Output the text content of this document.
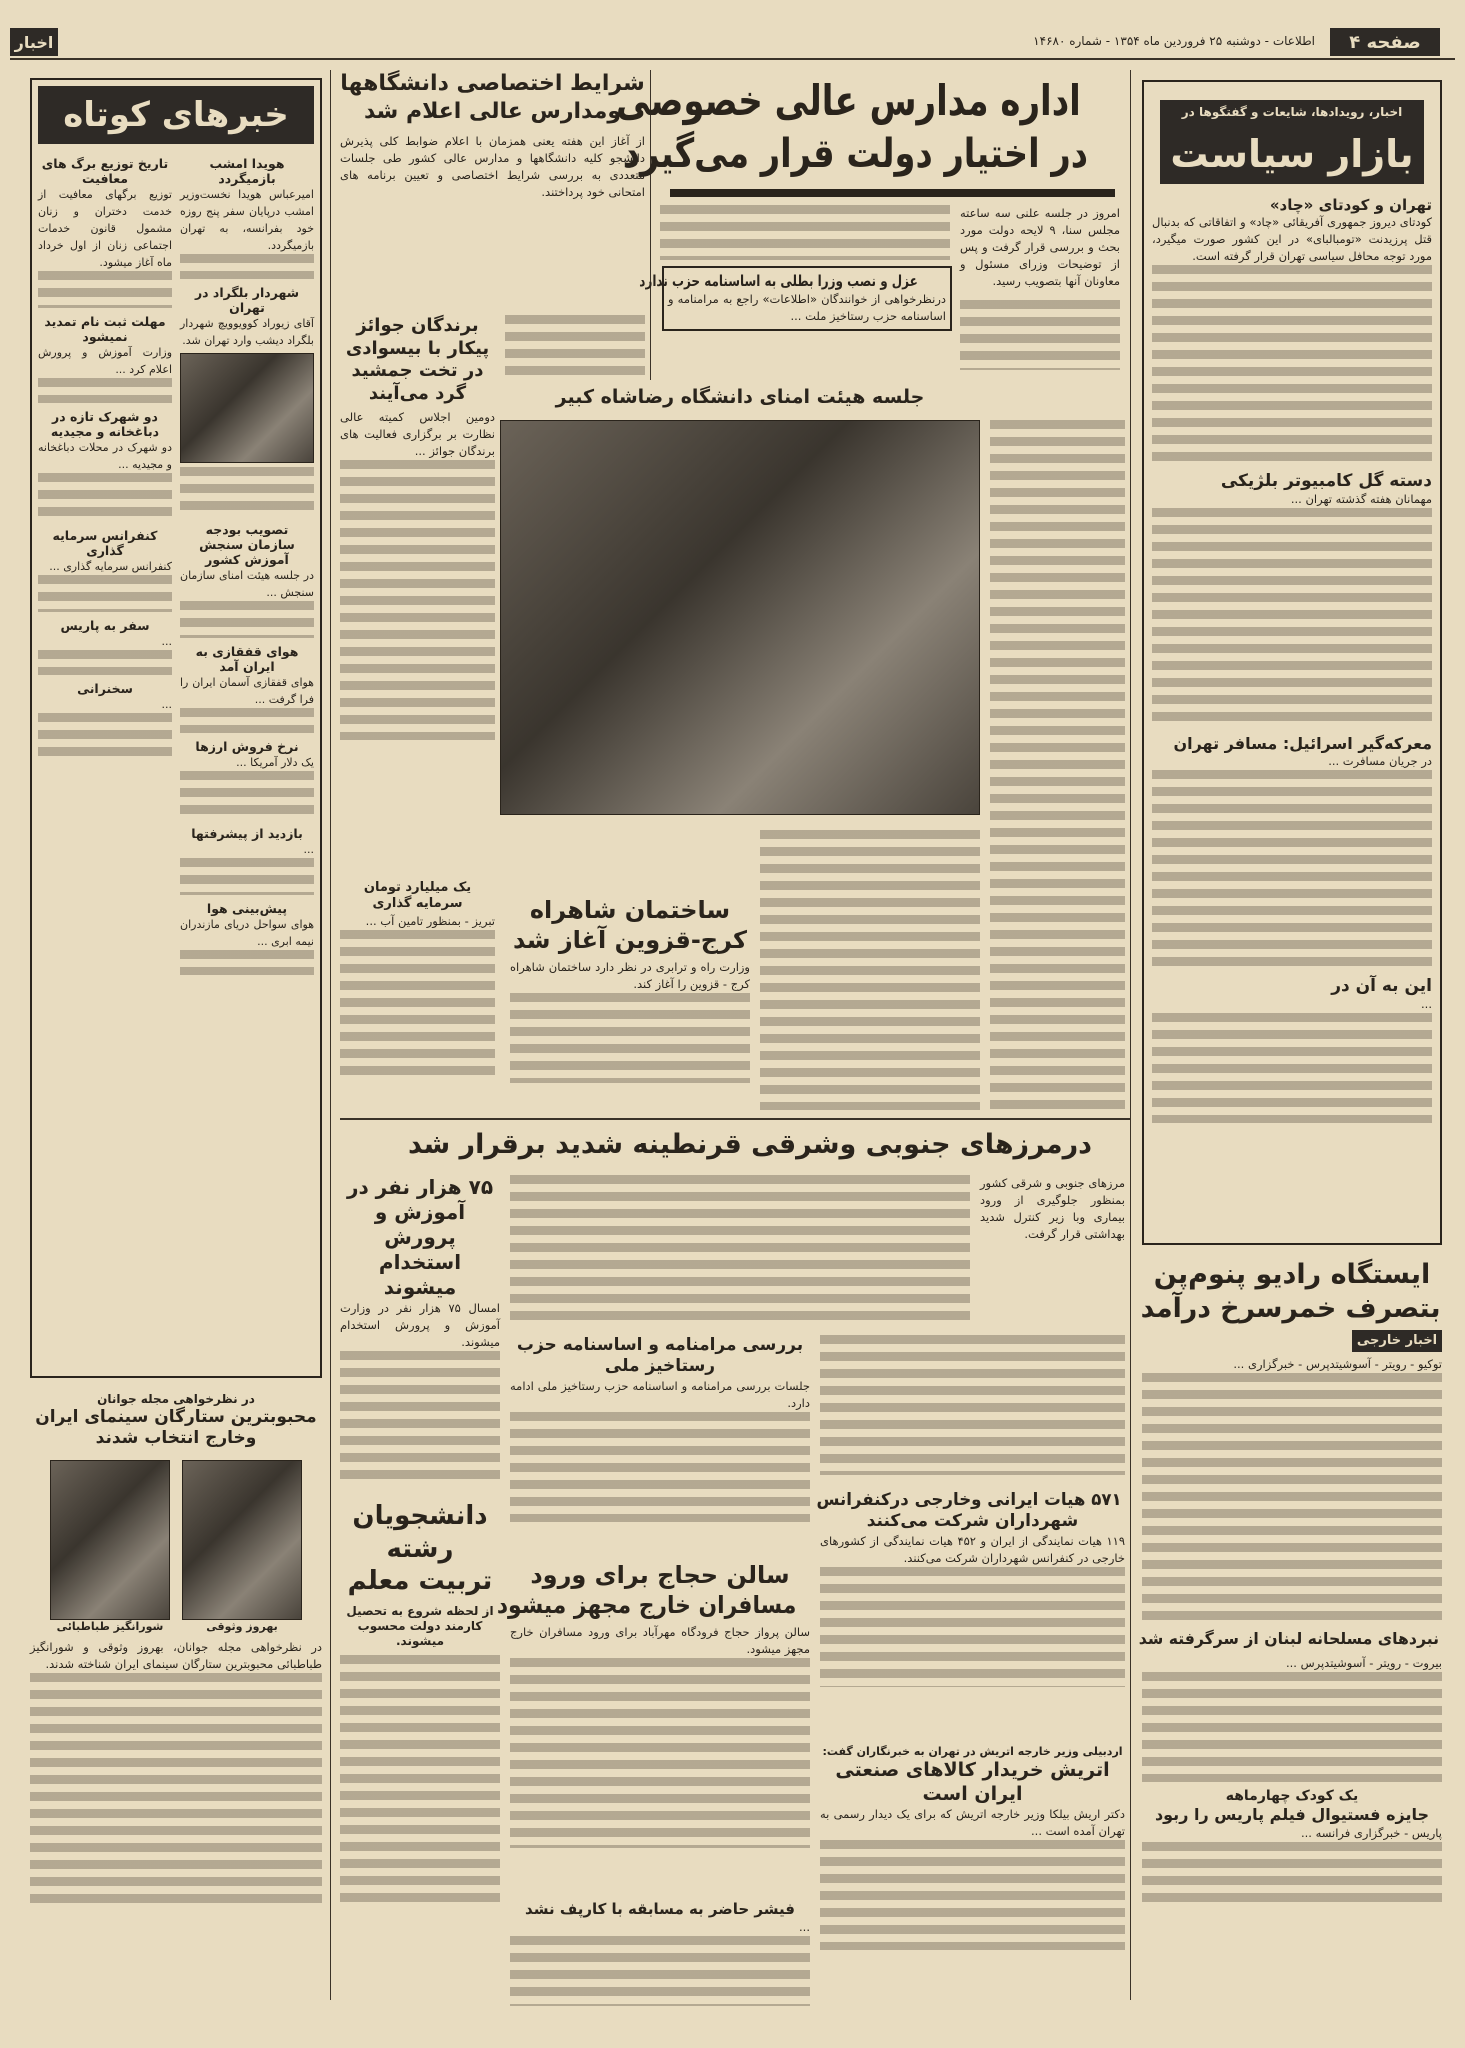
صفحه ۴
اطلاعات - دوشنبه ۲۵ فروردین ماه ۱۳۵۴ - شماره ۱۴۶۸۰
اخبار
اخبار، رویدادها، شایعات و گفتگوها در
بازار سیاست
تهران و کودتای «چاد»
کودتای دیروز جمهوری آفریقائی «چاد» و اتفاقاتی که بدنبال قتل پرزیدنت «تومبالبای» در این کشور صورت میگیرد، مورد توجه محافل سیاسی تهران قرار گرفته است.
دسته گل کامبیوتر بلژیکی
مهمانان هفته گذشته تهران ...
معرکه‌گیر اسرائیل: مسافر تهران
در جریان مسافرت ...
این به آن در
...
ایستگاه رادیو پنوم‌پن
بتصرف خمرسرخ درآمد
اخبار خارجی
توکیو - رویتر - آسوشیتدپرس - خبرگزاری ...
نبردهای مسلحانه لبنان از سرگرفته شد
بیروت - رویتر - آسوشیتدپرس ...
یک کودک چهارماهه
جایزه فستیوال فیلم پاریس را ربود
پاریس - خبرگزاری فرانسه ...
اداره مدارس عالی خصوصی
در اختیار دولت قرار می‌گیرد
امروز در جلسه علنی سه ساعته مجلس سنا، ۹ لایحه دولت مورد بحث و بررسی قرار گرفت و پس از توضیحات وزرای مسئول و معاونان آنها بتصویب رسید.
عزل و نصب وزرا بطلی به اساسنامه حزب ندارد
درنظرخواهی از خوانندگان «اطلاعات» راجع به مرامنامه و اساسنامه حزب رستاخیز ملت ...
جلسه هیئت امنای دانشگاه رضاشاه کبیر
ساختمان شاهراه
کرج-قزوین آغاز شد
وزارت راه و ترابری در نظر دارد ساختمان شاهراه کرج - قزوین را آغاز کند.
شرایط اختصاصی دانشگاهها
ومدارس عالی اعلام شد
از آغاز این هفته یعنی همزمان با اعلام ضوابط کلی پذیرش دانشجو کلیه دانشگاهها و مدارس عالی کشور طی جلسات متعددی به بررسی شرایط اختصاصی و تعیین برنامه های امتحانی خود پرداختند.
برندگان جوائز پیکار با بیسوادی در تخت جمشید گرد می‌آیند
دومین اجلاس کمیته عالی نظارت بر برگزاری فعالیت های برندگان جوائز ...
یک میلیارد تومان سرمایه گذاری
تبریز - بمنظور تامین آب ...
درمرزهای جنوبی وشرقی قرنطینه شدید برقرار شد
مرزهای جنوبی و شرقی کشور بمنظور جلوگیری از ورود بیماری وبا زیر کنترل شدید بهداشتی قرار گرفت.
۷۵ هزار نفر در آموزش و پرورش استخدام میشوند
امسال ۷۵ هزار نفر در وزارت آموزش و پرورش استخدام میشوند. بررسی مرامنامه و اساسنامه حزب
رستاخیز ملی
جلسات بررسی مرامنامه و اساسنامه حزب رستاخیز ملی ادامه دارد.
۵۷۱ هیات ایرانی وخارجی درکنفرانس
شهرداران شرکت می‌کنند
۱۱۹ هیات نمایندگی از ایران و ۴۵۲ هیات نمایندگی از کشورهای خارجی در کنفرانس شهرداران شرکت می‌کنند.
سالن حجاج برای ورود
مسافران خارج مجهز میشود
سالن پرواز حجاج فرودگاه مهرآباد برای ورود مسافران خارج مجهز میشود.
دانشجویان
رشته
تربیت معلم
از لحظه شروع به تحصیل کارمند دولت محسوب میشوند.
اردبیلی وزیر خارجه اتریش در تهران به خبرنگاران گفت:
اتریش خریدار کالاهای صنعتی
ایران است
دکتر اریش بیلکا وزیر خارجه اتریش که برای یک دیدار رسمی به تهران آمده است ...
فیشر حاضر به مسابقه با کارپف نشد
...
خبرهای کوتاه
هویدا امشب بازمیگردد
امیرعباس هویدا نخست‌وزیر امشب درپایان سفر پنج روزه خود بفرانسه، به تهران بازمیگردد.
شهردار بلگراد در تهران
آقای زیوراد کوویوویچ شهردار بلگراد دیشب وارد تهران شد.
تصویب بودجه سازمان سنجش آموزش کشور
در جلسه هیئت امنای سازمان سنجش ...
هوای قفقازی به ایران آمد
هوای قفقازی آسمان ایران را فرا گرفت ...
نرخ فروش ارزها
یک دلار آمریکا ...
بازدید از پیشرفتها
...
پیش‌بینی هوا
هوای سواحل دریای مازندران نیمه ابری ...
تاریخ توزیع برگ های معافیت
توزیع برگهای معافیت از خدمت دختران و زنان مشمول قانون خدمات اجتماعی زنان از اول خرداد ماه آغاز میشود.
مهلت ثبت نام تمدید نمیشود
وزارت آموزش و پرورش اعلام کرد ...
دو شهرک تازه در دباغخانه و مجیدیه
دو شهرک در محلات دباغخانه و مجیدیه ...
کنفرانس سرمایه گذاری
کنفرانس سرمایه گذاری ...
سفر به پاریس
...
سخنرانی
...
در نظرخواهی مجله جوانان
محبوبترین ستارگان سینمای ایران
وخارج انتخاب شدند
بهروز وثوقی
شورانگیز طباطبائی
در نظرخواهی مجله جوانان، بهروز وثوقی و شورانگیز طباطبائی محبوبترین ستارگان سینمای ایران شناخته شدند.
